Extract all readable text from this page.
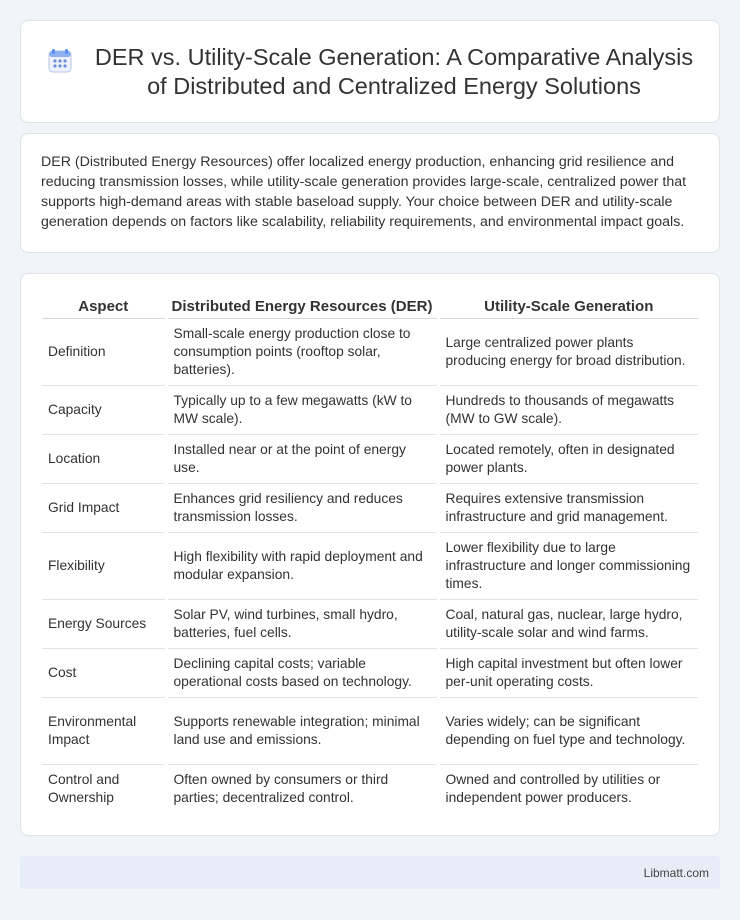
DER vs. Utility-Scale Generation: A Comparative Analysis
of Distributed and Centralized Energy Solutions

DER (Distributed Energy Resources) offer localized energy production, enhancing grid resilience and reducing transmission losses, while utility-scale generation provides large-scale, centralized power that supports high-demand areas with stable baseload supply. Your choice between DER and utility-scale generation depends on factors like scalability, reliability requirements, and environmental impact goals.

Aspect	Distributed Energy Resources (DER)	Utility-Scale Generation
Definition	Small-scale energy production close to consumption points (rooftop solar, batteries).	Large centralized power plants producing energy for broad distribution.
Capacity	Typically up to a few megawatts (kW to MW scale).	Hundreds to thousands of megawatts (MW to GW scale).
Location	Installed near or at the point of energy use.	Located remotely, often in designated power plants.
Grid Impact	Enhances grid resiliency and reduces transmission losses.	Requires extensive transmission infrastructure and grid management.
Flexibility	High flexibility with rapid deployment and modular expansion.	Lower flexibility due to large infrastructure and longer commissioning times.
Energy Sources	Solar PV, wind turbines, small hydro, batteries, fuel cells.	Coal, natural gas, nuclear, large hydro, utility-scale solar and wind farms.
Cost	Declining capital costs; variable operational costs based on technology.	High capital investment but often lower per-unit operating costs.
Environmental Impact	Supports renewable integration; minimal land use and emissions.	Varies widely; can be significant depending on fuel type and technology.
Control and Ownership	Often owned by consumers or third parties; decentralized control.	Owned and controlled by utilities or independent power producers.
Libmatt.com
